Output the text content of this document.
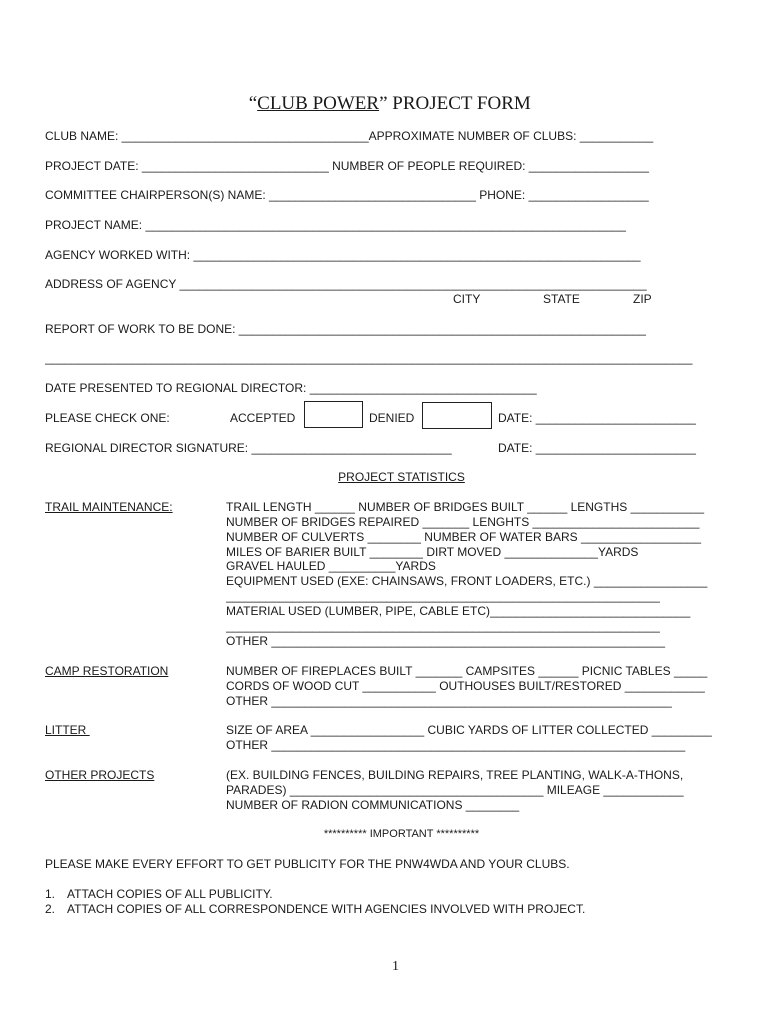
“CLUB POWER” PROJECT FORM

CLUB NAME: _____________________________________APPROXIMATE NUMBER OF CLUBS: ___________
PROJECT DATE: ____________________________ NUMBER OF PEOPLE REQUIRED: __________________
COMMITTEE CHAIRPERSON(S) NAME: _______________________________ PHONE: __________________
PROJECT NAME: ________________________________________________________________________
AGENCY WORKED WITH: ___________________________________________________________________
ADDRESS OF AGENCY ______________________________________________________________________
CITY	STATE	ZIP
REPORT OF WORK TO BE DONE: _____________________________________________________________
_________________________________________________________________________________________________
DATE PRESENTED TO REGIONAL DIRECTOR: __________________________________
PLEASE CHECK ONE:	ACCEPTED	DENIED	DATE: ________________________
REGIONAL DIRECTOR SIGNATURE: ______________________________	DATE: ________________________
PROJECT STATISTICS
TRAIL MAINTENANCE:	TRAIL LENGTH ______ NUMBER OF BRIDGES BUILT ______ LENGTHS ___________
NUMBER OF BRIDGES REPAIRED _______ LENGHTS _________________________
NUMBER OF CULVERTS ________ NUMBER OF WATER BARS __________________
MILES OF BARIER BUILT ________ DIRT MOVED ______________YARDS
GRAVEL HAULED __________YARDS
EQUIPMENT USED (EXE: CHAINSAWS, FRONT LOADERS, ETC.) _________________
_________________________________________________________________
MATERIAL USED (LUMBER, PIPE, CABLE ETC)______________________________
_________________________________________________________________
OTHER ___________________________________________________________
CAMP RESTORATION	NUMBER OF FIREPLACES BUILT _______ CAMPSITES ______ PICNIC TABLES _____
CORDS OF WOOD CUT ___________ OUTHOUSES BUILT/RESTORED ____________
OTHER ____________________________________________________________
LITTER	SIZE OF AREA _________________ CUBIC YARDS OF LITTER COLLECTED _________
OTHER ______________________________________________________________
OTHER PROJECTS	(EX. BUILDING FENCES, BUILDING REPAIRS, TREE PLANTING, WALK-A-THONS,
PARADES) ______________________________________ MILEAGE ____________
NUMBER OF RADION COMMUNICATIONS ________
********** IMPORTANT **********
PLEASE MAKE EVERY EFFORT TO GET PUBLICITY FOR THE PNW4WDA AND YOUR CLUBS.
1. ATTACH COPIES OF ALL PUBLICITY.
2. ATTACH COPIES OF ALL CORRESPONDENCE WITH AGENCIES INVOLVED WITH PROJECT.
1
